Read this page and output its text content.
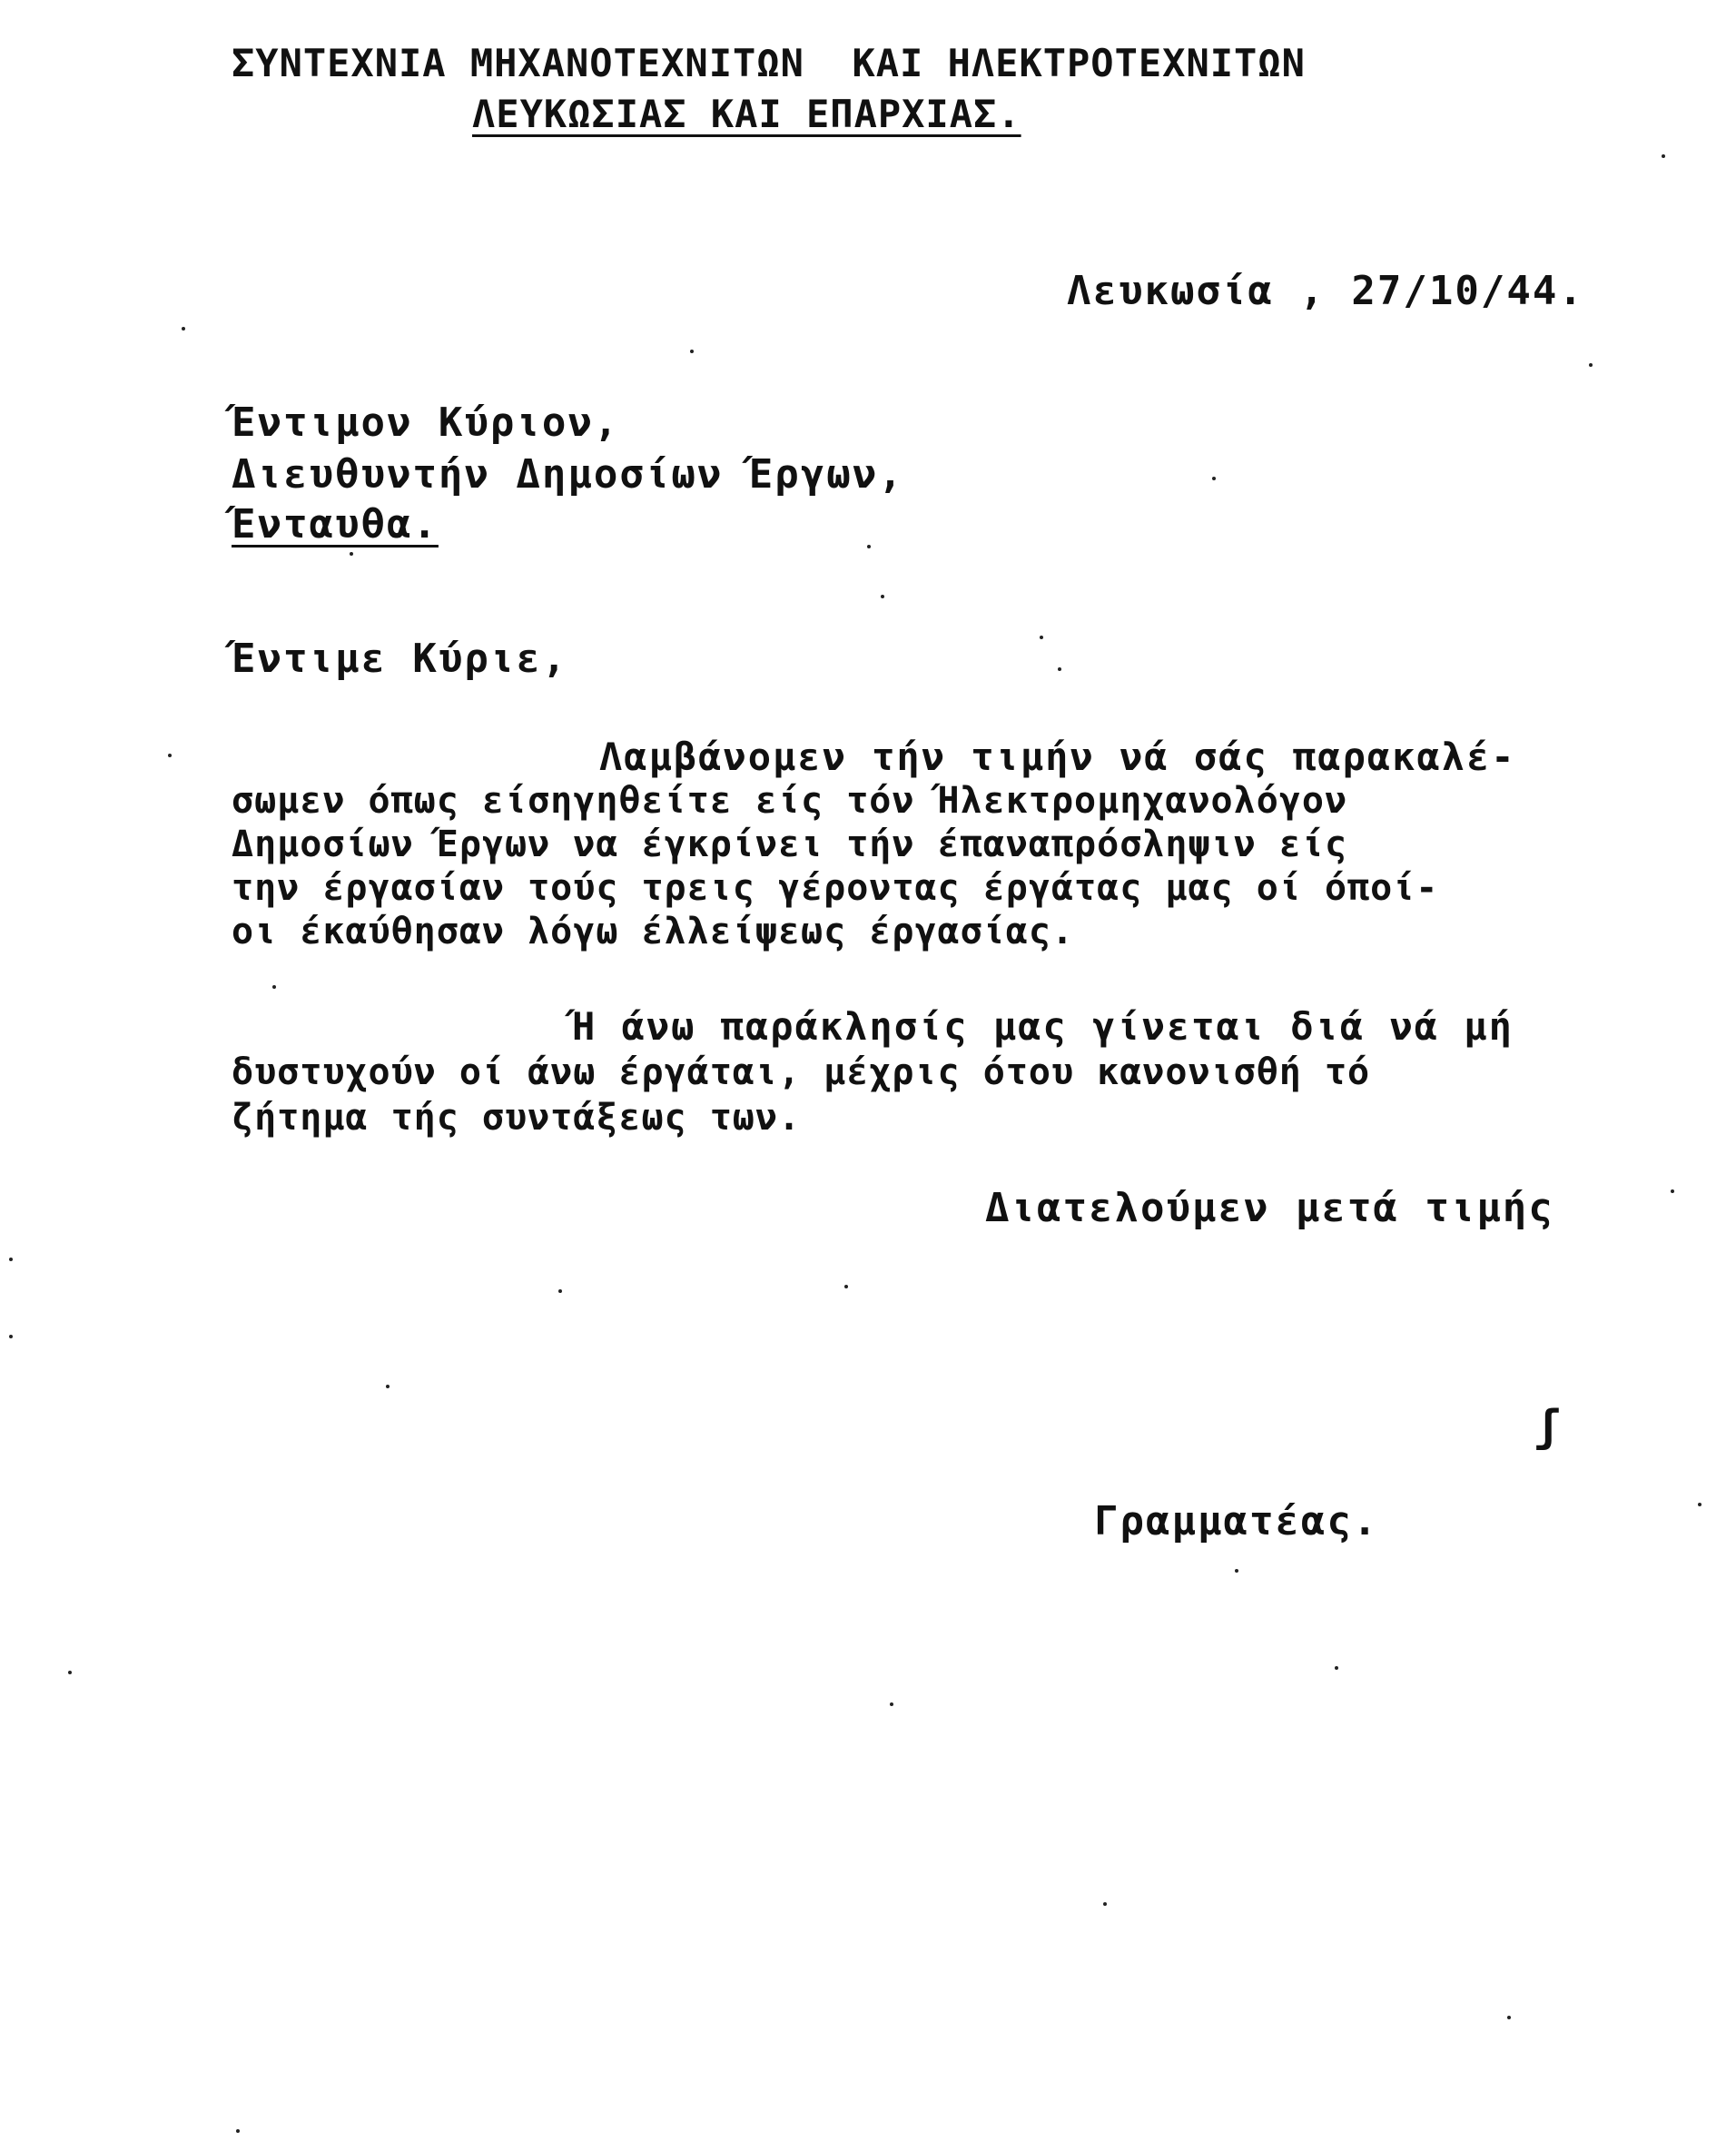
ΣΥΝΤΕΧΝΙΑ ΜΗΧΑΝΟΤΕΧΝΙΤΩΝ  ΚΑΙ ΗΛΕΚΤΡΟΤΕΧΝΙΤΩΝ
ΛΕΥΚΩΣΙΑΣ ΚΑΙ ΕΠΑΡΧΙΑΣ.
Λευκωσία , 27/10/44.
Έντιμον Κύριον,
Διευθυντήν Δημοσίων Έργων,
Ένταυθα.
Έντιμε Κύριε,
Λαμβάνομεν τήν τιμήν νά σάς παρακαλέ-
σωμεν όπως είσηγηθείτε είς τόν Ήλεκτρομηχανολόγον
Δημοσίων Έργων να έγκρίνει τήν έπαναπρόσληψιν είς
την έργασίαν τούς τρεις γέροντας έργάτας μας οί όποί-
οι έκαύθησαν λόγω έλλείψεως έργασίας.
Ή άνω παράκλησίς μας γίνεται διά νά μή
δυστυχούν οί άνω έργάται, μέχρις ότου κανονισθή τό
ζήτημα τής συντάξεως των.
Διατελούμεν μετά τιμής
ʃ
Γραμματέας.
